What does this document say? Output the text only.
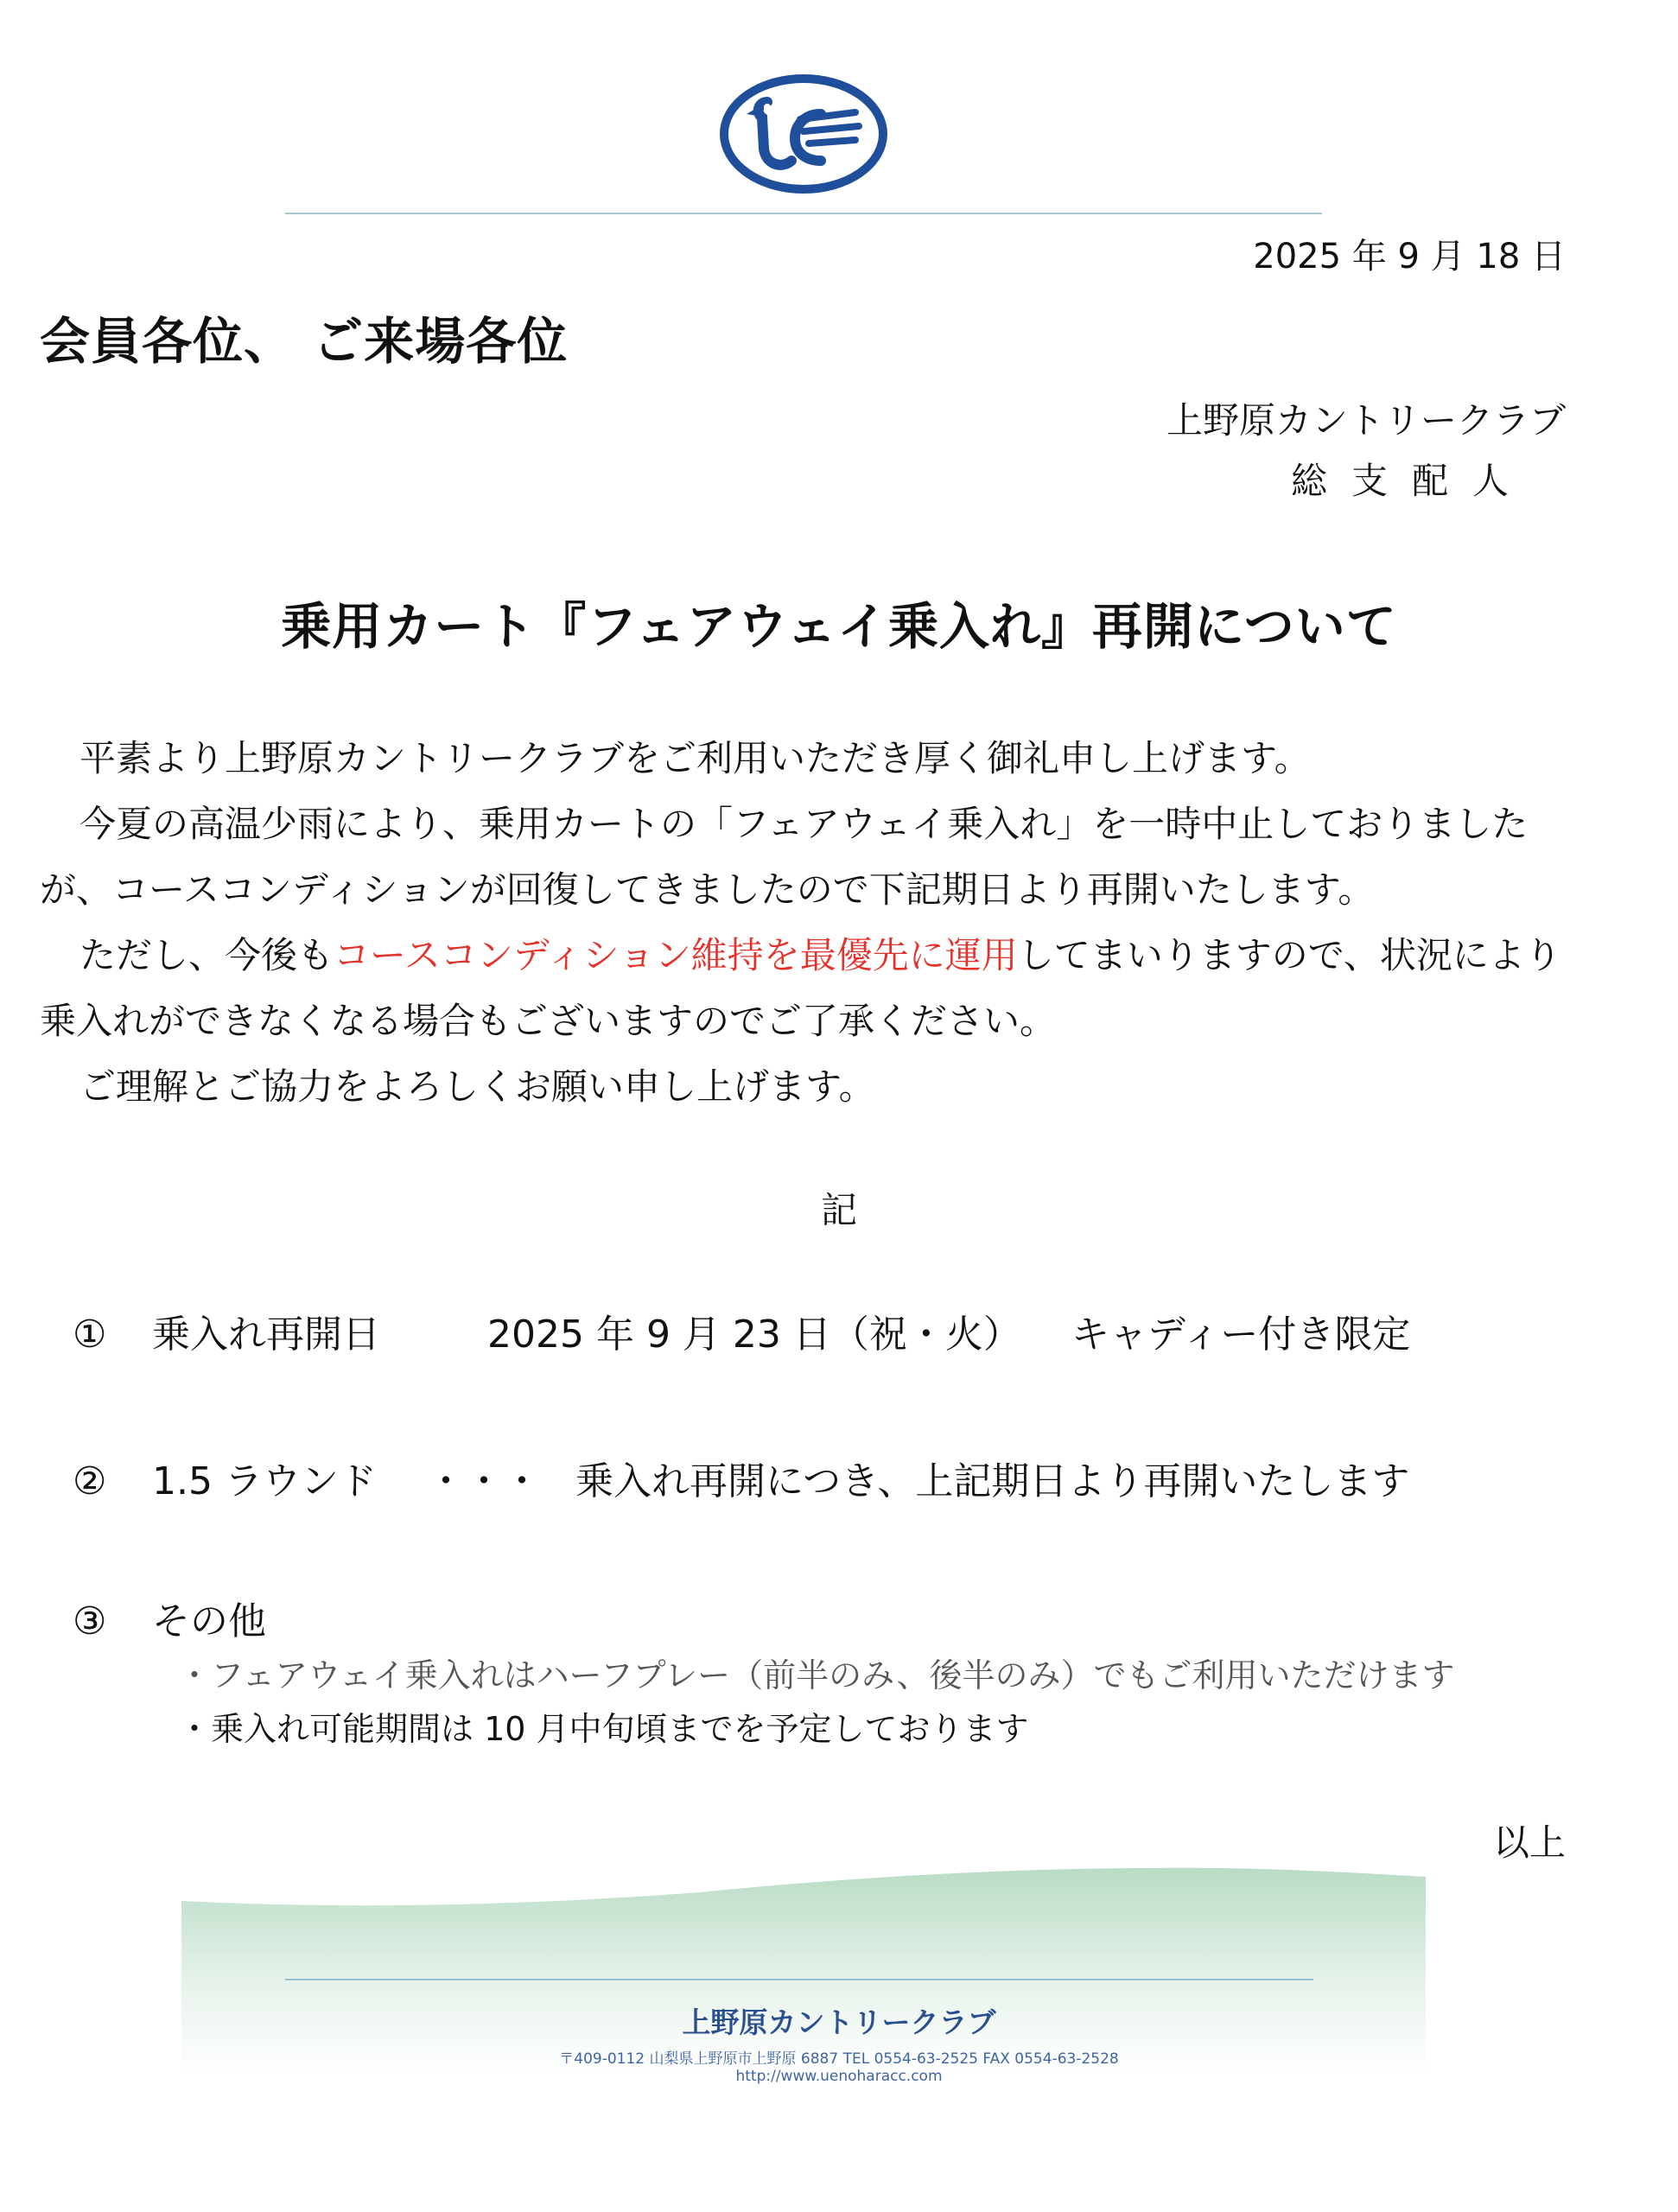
2025 年 9 月 18 日
会員各位、 ご来場各位
上野原カントリークラブ
総支配人
乗用カート『フェアウェイ乗入れ』再開について

平素より上野原カントリークラブをご利用いただき厚く御礼申し上げます。

今夏の高温少雨により、乗用カートの「フェアウェイ乗入れ」を一時中止しておりましたが、コースコンディションが回復してきましたので下記期日より再開いたします。

ただし、今後もコースコンディション維持を最優先に運用してまいりますので、状況により乗入れができなくなる場合もございますのでご了承ください。

ご理解とご協力をよろしくお願い申し上げます。

記
① 乗入れ再開日	2025 年 9 月 23 日（祝・火） キャディー付き限定
② 1.5 ラウンド ・・・ 乗入れ再開につき、上記期日より再開いたします
③ その他
・フェアウェイ乗入れはハーフプレー（前半のみ、後半のみ）でもご利用いただけます
・乗入れ可能期間は 10 月中旬頃までを予定しております
以上
上野原カントリークラブ
〒409-0112 山梨県上野原市上野原 6887 TEL 0554-63-2525 FAX 0554-63-2528
http://www.uenoharacc.com
